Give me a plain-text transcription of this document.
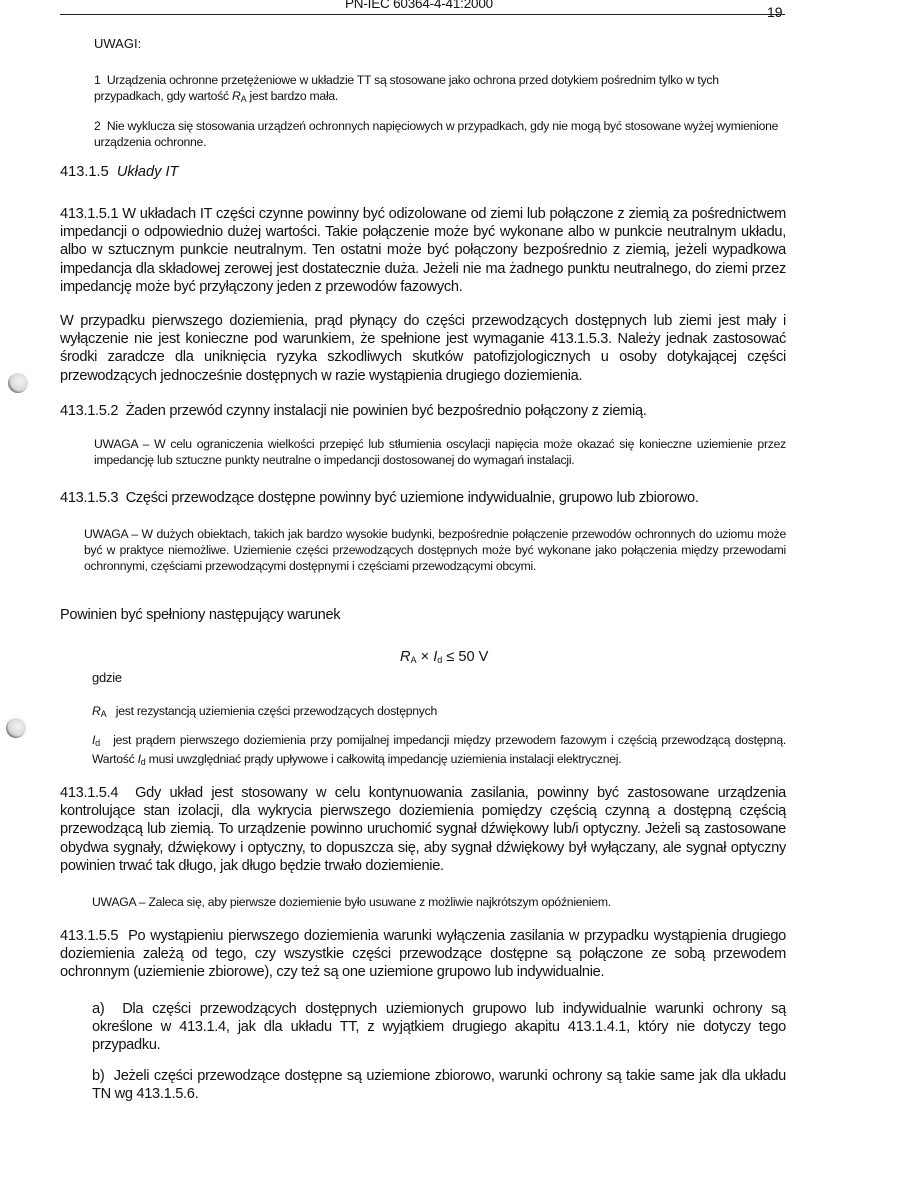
PN-IEC 60364-4-41:2000
19
UWAGI:
1 Urządzenia ochronne przetężeniowe w układzie TT są stosowane jako ochrona przed dotykiem pośrednim tylko w tych przypadkach, gdy wartość $R_A$ jest bardzo mała.
2 Nie wyklucza się stosowania urządzeń ochronnych napięciowych w przypadkach, gdy nie mogą być stosowane wyżej wymienione urządzenia ochronne.
413.1.5 Układy IT
413.1.5.1 W układach IT części czynne powinny być odizolowane od ziemi lub połączone z ziemią za pośrednictwem impedancji o odpowiednio dużej wartości. Takie połączenie może być wykonane albo w punkcie neutralnym układu, albo w sztucznym punkcie neutralnym. Ten ostatni może być połączony bezpośrednio z ziemią, jeżeli wypadkowa impedancja dla składowej zerowej jest dostatecznie duża. Jeżeli nie ma żadnego punktu neutralnego, do ziemi przez impedancję może być przyłączony jeden z przewodów fazowych.
W przypadku pierwszego doziemienia, prąd płynący do części przewodzących dostępnych lub ziemi jest mały i wyłączenie nie jest konieczne pod warunkiem, że spełnione jest wymaganie 413.1.5.3. Należy jednak zastosować środki zaradcze dla uniknięcia ryzyka szkodliwych skutków patofizjologicznych u osoby dotykającej części przewodzących jednocześnie dostępnych w razie wystąpienia drugiego doziemienia.
413.1.5.2 Żaden przewód czynny instalacji nie powinien być bezpośrednio połączony z ziemią.
UWAGA – W celu ograniczenia wielkości przepięć lub stłumienia oscylacji napięcia może okazać się konieczne uziemienie przez impedancję lub sztuczne punkty neutralne o impedancji dostosowanej do wymagań instalacji.
413.1.5.3 Części przewodzące dostępne powinny być uziemione indywidualnie, grupowo lub zbiorowo.
UWAGA – W dużych obiektach, takich jak bardzo wysokie budynki, bezpośrednie połączenie przewodów ochronnych do uziomu może być w praktyce niemożliwe. Uziemienie części przewodzących dostępnych może być wykonane jako połączenia między przewodami ochronnymi, częściami przewodzącymi dostępnymi i częściami przewodzącymi obcymi.
Powinien być spełniony następujący warunek
$R_A \times I_d \le 50$ V
gdzie
$R_A$ jest rezystancją uziemienia części przewodzących dostępnych
$I_d$ jest prądem pierwszego doziemienia przy pomijalnej impedancji między przewodem fazowym i częścią przewodzącą dostępną. Wartość $I_d$ musi uwzględniać prądy upływowe i całkowitą impedancję uziemienia instalacji elektrycznej.
413.1.5.4 Gdy układ jest stosowany w celu kontynuowania zasilania, powinny być zastosowane urządzenia kontrolujące stan izolacji, dla wykrycia pierwszego doziemienia pomiędzy częścią czynną a dostępną częścią przewodzącą lub ziemią. To urządzenie powinno uruchomić sygnał dźwiękowy lub/i optyczny. Jeżeli są zastosowane obydwa sygnały, dźwiękowy i optyczny, to dopuszcza się, aby sygnał dźwiękowy był wyłączany, ale sygnał optyczny powinien trwać tak długo, jak długo będzie trwało doziemienie.
UWAGA – Zaleca się, aby pierwsze doziemienie było usuwane z możliwie najkrótszym opóźnieniem.
413.1.5.5 Po wystąpieniu pierwszego doziemienia warunki wyłączenia zasilania w przypadku wystąpienia drugiego doziemienia zależą od tego, czy wszystkie części przewodzące dostępne są połączone ze sobą przewodem ochronnym (uziemienie zbiorowe), czy też są one uziemione grupowo lub indywidualnie.
a) Dla części przewodzących dostępnych uziemionych grupowo lub indywidualnie warunki ochrony są określone w 413.1.4, jak dla układu TT, z wyjątkiem drugiego akapitu 413.1.4.1, który nie dotyczy tego przypadku.
b) Jeżeli części przewodzące dostępne są uziemione zbiorowo, warunki ochrony są takie same jak dla układu TN wg 413.1.5.6.
